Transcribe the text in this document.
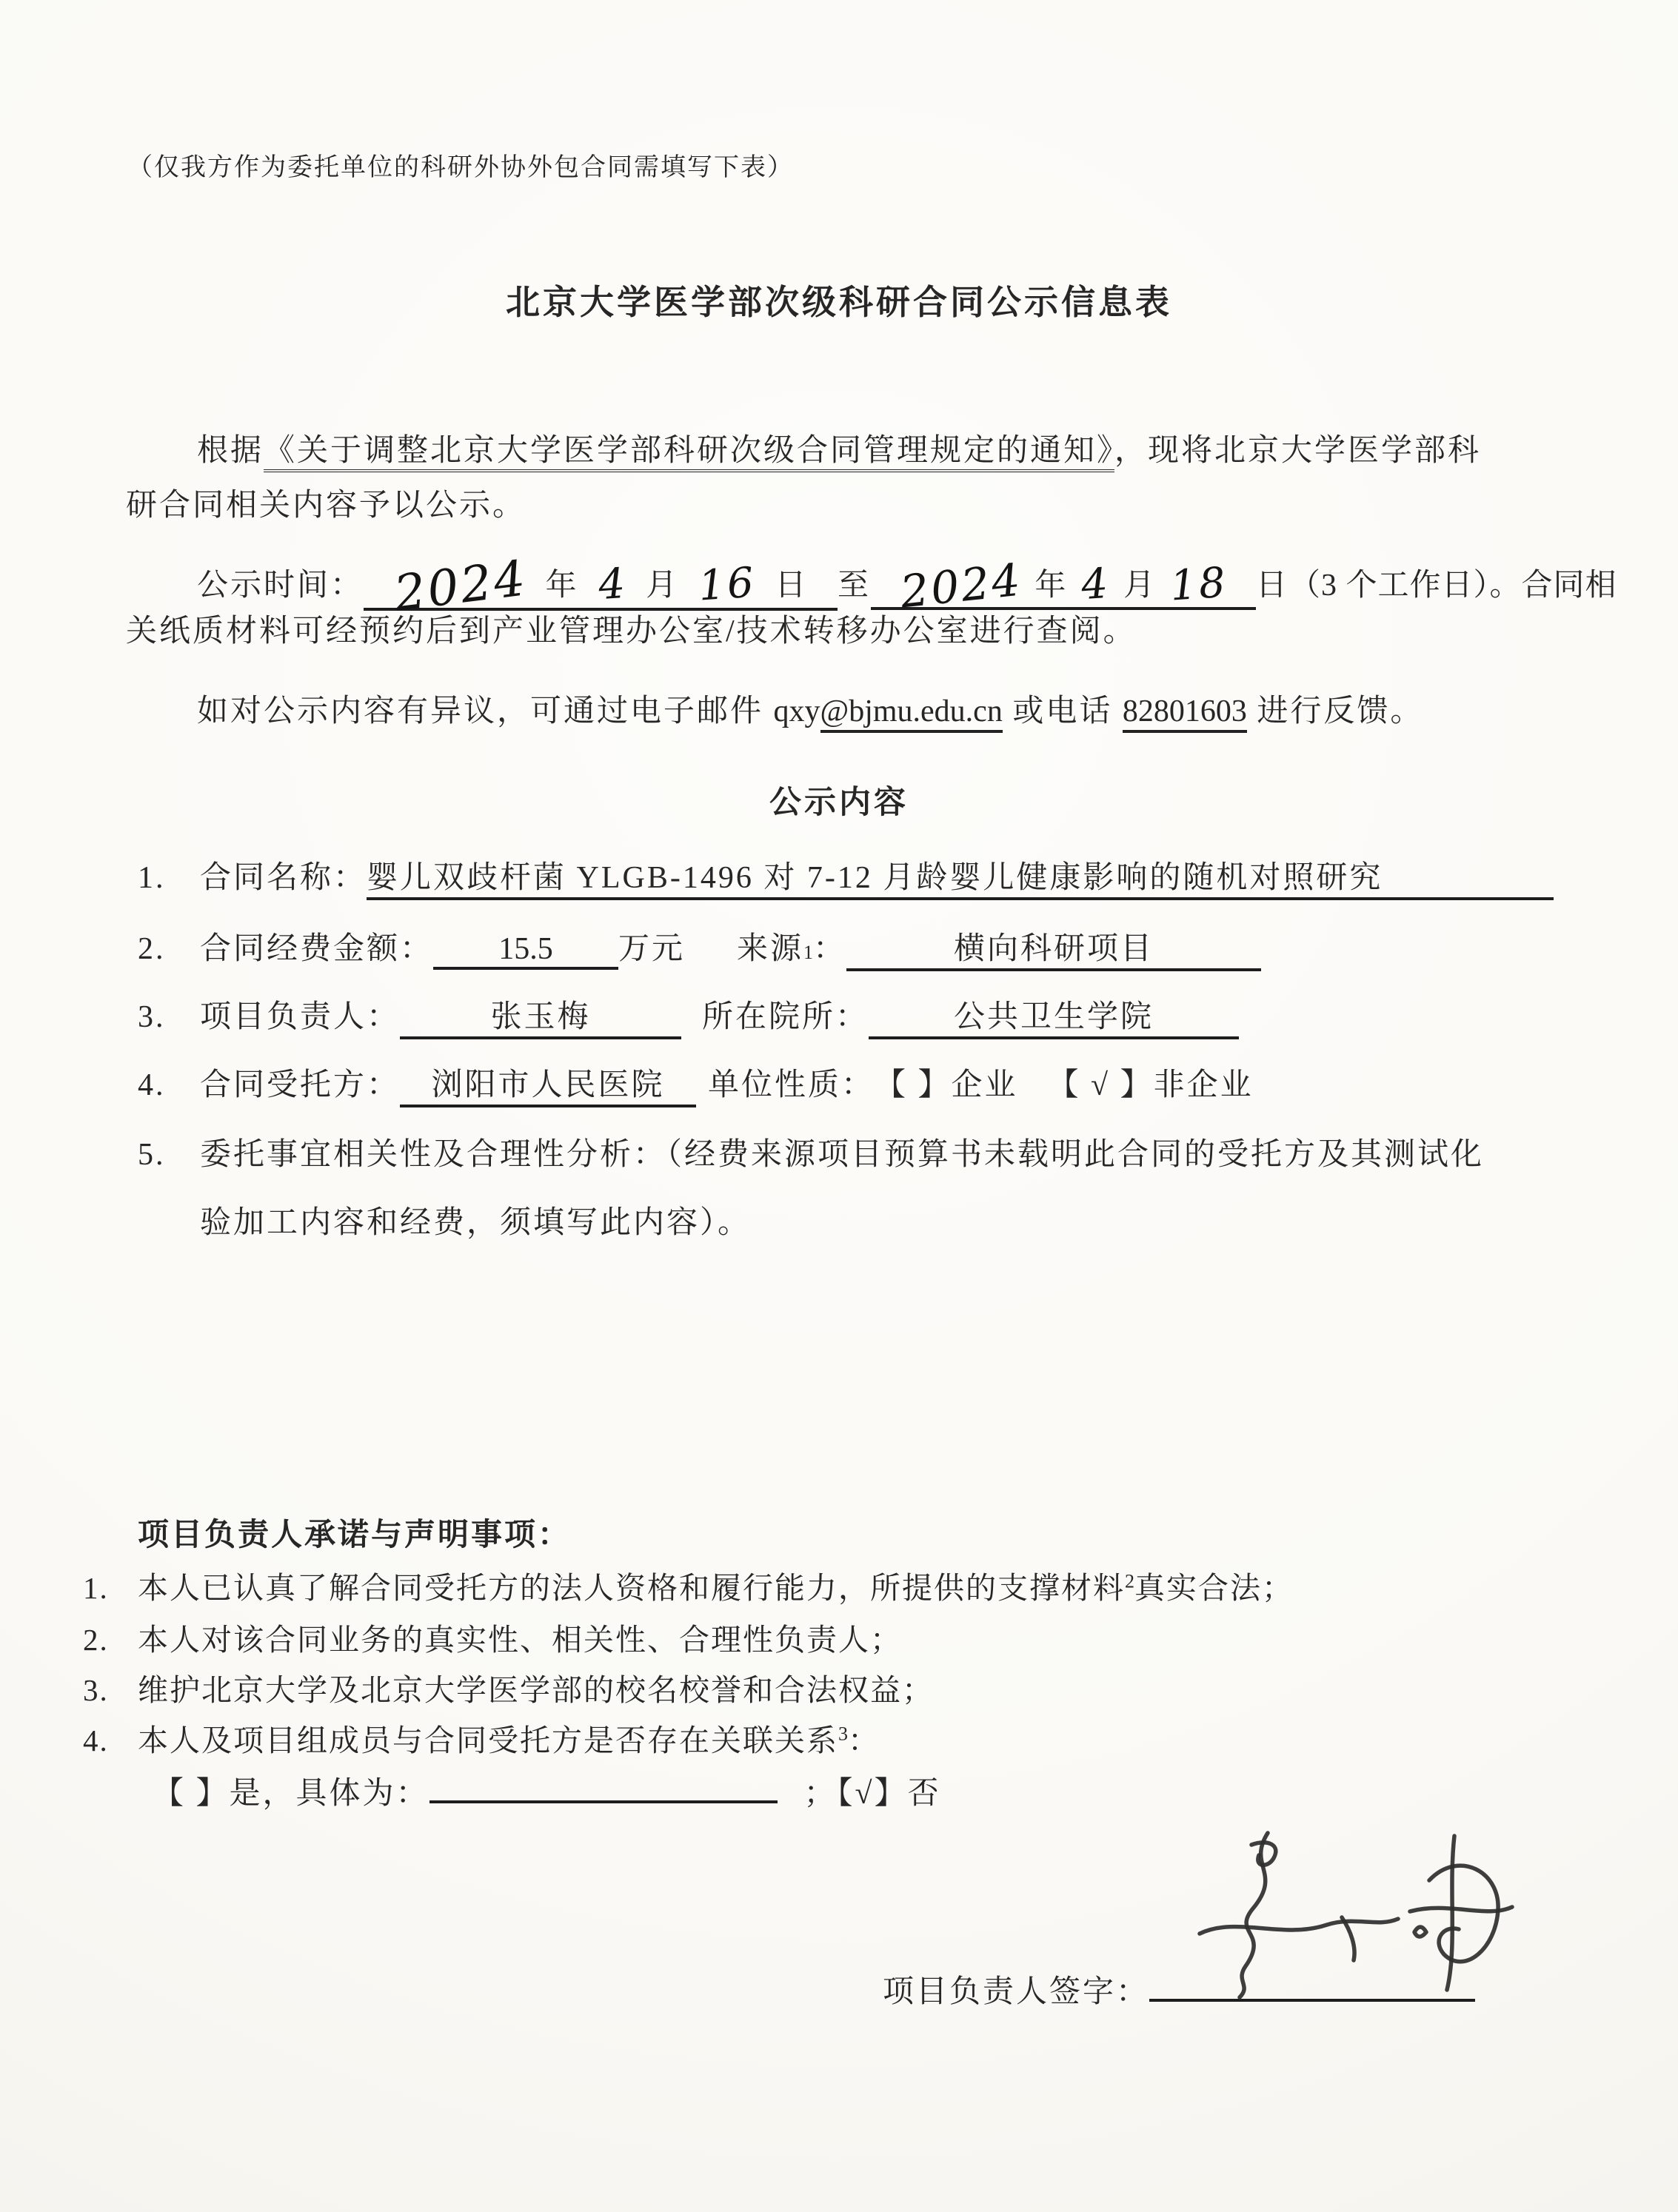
（仅我方作为委托单位的科研外协外包合同需填写下表）
北京大学医学部次级科研合同公示信息表
根据《关于调整北京大学医学部科研次级合同管理规定的通知》，现将北京大学医学部科
研合同相关内容予以公示。
公示时间： 2024 年 4 月 16 日 至 2024 年 4 月 18 日（3 个工作日）。合同相
关纸质材料可经预约后到产业管理办公室/技术转移办公室进行查阅。
如对公示内容有异议，可通过电子邮件 qxy@bjmu.edu.cn 或电话 82801603 进行反馈。
公示内容
1.	合同名称： 婴儿双歧杆菌 YLGB-1496 对 7-12 月龄婴儿健康影响的随机对照研究
2.	合同经费金额： 15.5 万元 来源$_1$ ：	横向科研项目
3.	项目负责人：	张玉梅	所在院所：	公共卫生学院
4.	合同受托方： 浏阳市人民医院 单位性质： 【 】企业 【 √ 】非企业
5.	委托事宜相关性及合理性分析：（经费来源项目预算书未载明此合同的受托方及其测试化
验加工内容和经费，须填写此内容）。
项目负责人承诺与声明事项：
1. 本人已认真了解合同受托方的法人资格和履行能力，所提供的支撑材料$^2$真实合法；
2. 本人对该合同业务的真实性、相关性、合理性负责人；
3. 维护北京大学及北京大学医学部的校名校誉和合法权益；
4. 本人及项目组成员与合同受托方是否存在关联关系$^3$：
【 】是，具体为：	；【√】否
项目负责人签字：
